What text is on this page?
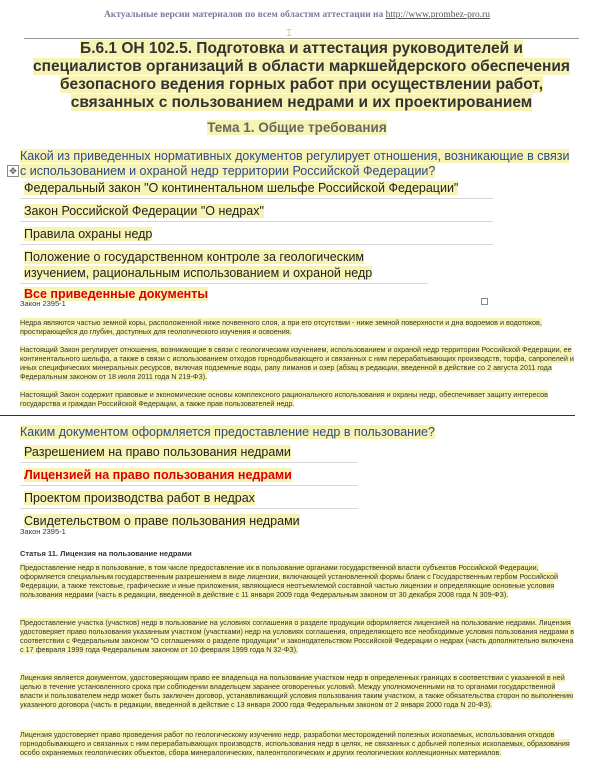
Актуальные версии материалов по всем областям аттестации на http://www.prombez-pro.ru
⌶
Б.6.1 ОН 102.5. Подготовка и аттестация руководителей и специалистов организаций в области маркшейдерского обеспечения безопасного ведения горных работ при осуществлении работ, связанных с пользованием недрами и их проектированием
Тема 1. Общие требования
Какой из приведенных нормативных документов регулирует отношения, возникающие в связи с использованием и охраной недр территории Российской Федерации?
✥
Федеральный закон "О континентальном шельфе Российской Федерации"
Закон Российской Федерации "О недрах"
Правила охраны недр
Положение о государственном контроле за геологическим изучением, рациональным использованием и охраной недр
Все приведенные документы
Закон 2395-1
Недра являются частью земной коры, расположенной ниже почвенного слоя, а при его отсутствии - ниже земной поверхности и дна водоемов и водотоков, простирающейся до глубин, доступных для геологического изучения и освоения.
Настоящий Закон регулирует отношения, возникающие в связи с геологическим изучением, использованием и охраной недр территории Российской Федерации, ее континентального шельфа, а также в связи с использованием отходов горнодобывающего и связанных с ним перерабатывающих производств, торфа, сапропелей и иных специфических минеральных ресурсов, включая подземные воды, рапу лиманов и озер (абзац в редакции, введенной в действие со 2 августа 2011 года Федеральным законом от 18 июля 2011 года N 219-ФЗ).
Настоящий Закон содержит правовые и экономические основы комплексного рационального использования и охраны недр, обеспечивает защиту интересов государства и граждан Российской Федерации, а также прав пользователей недр.
Каким документом оформляется предоставление недр в пользование?
Разрешением на право пользования недрами
Лицензией на право пользования недрами
Проектом производства работ в недрах
Свидетельством о праве пользования недрами
Закон 2395-1
Статья 11. Лицензия на пользование недрами
Предоставление недр в пользование, в том числе предоставление их в пользование органами государственной власти субъектов Российской Федерации, оформляется специальным государственным разрешением в виде лицензии, включающей установленной формы бланк с Государственным гербом Российской Федерации, а также текстовые, графические и иные приложения, являющиеся неотъемлемой составной частью лицензии и определяющие основные условия пользования недрами (часть в редакции, введенной в действие с 11 января 2009 года Федеральным законом от 30 декабря 2008 года N 309-ФЗ).
Предоставление участка (участков) недр в пользование на условиях соглашения о разделе продукции оформляется лицензией на пользование недрами. Лицензия удостоверяет право пользования указанным участком (участками) недр на условиях соглашения, определяющего все необходимые условия пользования недрами в соответствии с Федеральным законом "О соглашениях о разделе продукции" и законодательством Российской Федерации о недрах (часть дополнительно включена с 17 февраля 1999 года Федеральным законом от 10 февраля 1999 года N 32-ФЗ).
Лицензия является документом, удостоверяющим право ее владельца на пользование участком недр в определенных границах в соответствии с указанной в ней целью в течение установленного срока при соблюдении владельцем заранее оговоренных условий. Между уполномоченными на то органами государственной власти и пользователем недр может быть заключен договор, устанавливающий условия пользования таким участком, а также обязательства сторон по выполнению указанного договора (часть в редакции, введенной в действие с 13 января 2000 года Федеральным законом от 2 января 2000 года N 20-ФЗ).
Лицензия удостоверяет право проведения работ по геологическому изучению недр, разработки месторождений полезных ископаемых, использования отходов горнодобывающего и связанных с ним перерабатывающих производств, использования недр в целях, не связанных с добычей полезных ископаемых, образования особо охраняемых геологических объектов, сбора минералогических, палеонтологических и других геологических коллекционных материалов.
